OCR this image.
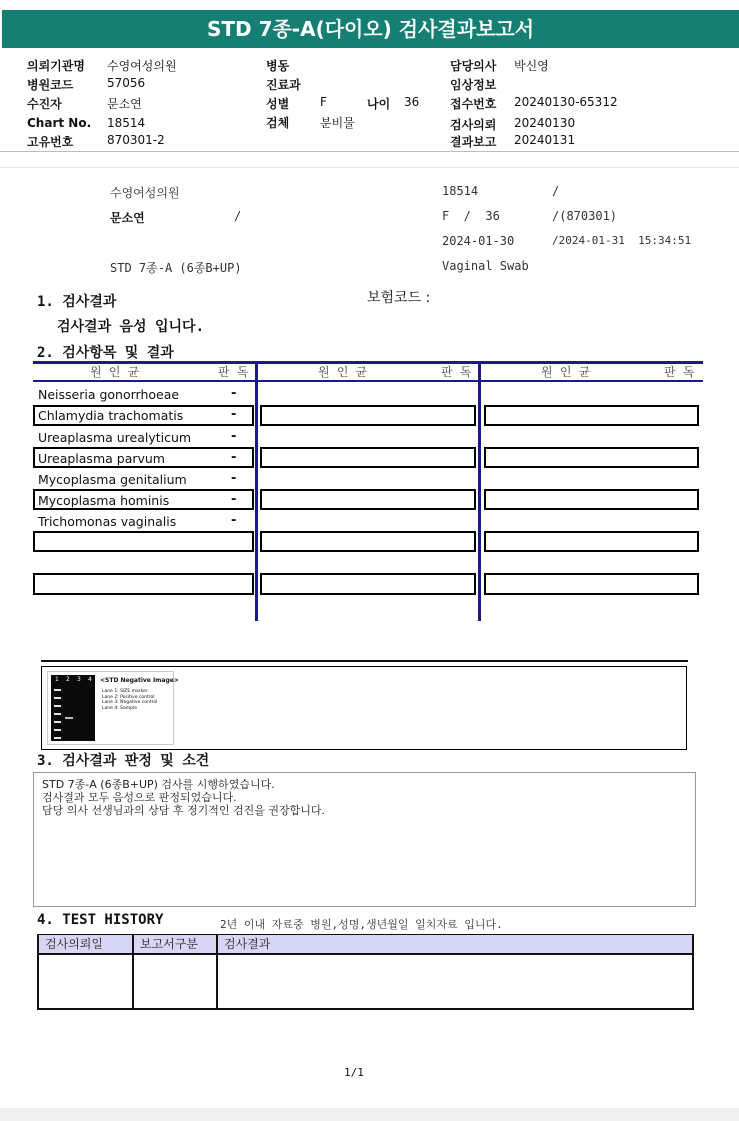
STD 7종-A(다이오) 검사결과보고서
의뢰기관명 수영여성의원
병원코드	57056
수진자	문소연
Chart No. 18514
고유번호	870301-2
병동
진료과
성별	F	나이 36
검체	분비물
담당의사 박신영
임상정보
접수번호 20240130-65312
검사의뢰 20240130
결과보고 20240131
수영여성의원	18514	/
문소연	/	F  /  36	/(870301)
2024-01-30	/2024-01-31  15:34:51
STD 7종-A (6종B+UP)	Vaginal Swab
1. 검사결과	보험코드 :
검사결과 음성 입니다.
2. 검사항목 및 결과
원 인 균	판 독	원 인 균	판 독	원 인 균	판 독
Neisseria gonorrhoeae	-
Chlamydia trachomatis	-
Ureaplasma urealyticum	-
Ureaplasma parvum	-
Mycoplasma genitalium	-
Mycoplasma hominis	-
Trichomonas vaginalis	-
1 2 3 4 <STD Negative Image>
Lane 1: SIZE marker
Lane 2: Positive control
Lane 3: Negative control
Lane 4: Sample
3. 검사결과 판정 및 소견
STD 7종-A (6종B+UP) 검사를 시행하였습니다.
검사결과 모두 음성으로 판정되었습니다.
담당 의사 선생님과의 상담 후 정기적인 검진을 권장합니다.
4. TEST HISTORY	2년 이내 자료중 병원,성명,생년월일 일치자료 입니다.
검사의뢰일	보고서구분	검사결과
1/1
